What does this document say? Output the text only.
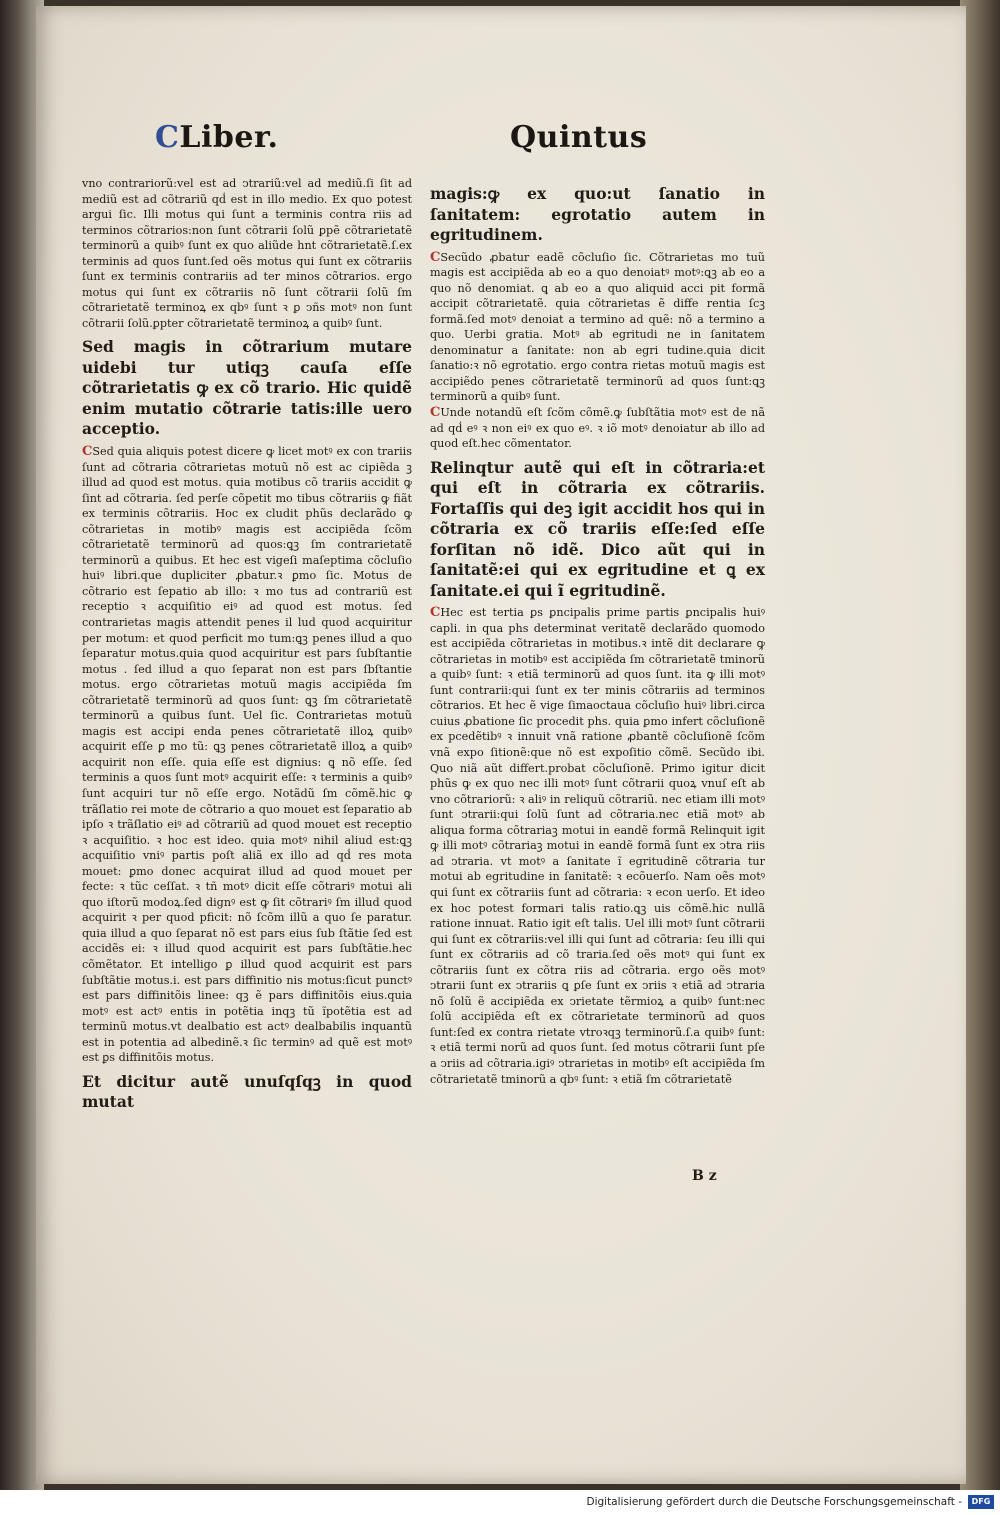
CLiber.	Quintus

vno contrariorũ:vel est ad ↄtrariũ:vel ad mediũ.ſi ſit ad mediũ est ad cõtrariũ qḋ est in illo medio. Ex quo potest argui ſic. Illi motus qui ſunt a terminis contra riis ad terminos cõtrarios:non ſunt cõtrarii ſolũ ꝑpẽ cõtrarietatẽ terminorũ a quibꝰ ſunt ex quo aliũde hnt cõtrarietatẽ.ſ.ex terminis ad quos ſunt.ſed oẽs motus qui ſunt ex cõtrariis ſunt ex terminis contrariis ad ter minos cõtrarios. ergo motus qui ſunt ex cõtrariis nõ ſunt cõtrarii ſolũ ſm cõtrarietatẽ terminoꝝ ex qbꝰ ſunt ꝛ ꝑ ↄñs motꝰ non ſunt cõtrarii ſolũ.ꝑpter cõtrarietatẽ terminoꝝ a quibꝰ ſunt.

Sed magis in cõtrarium mutare uidebi tur utiqꝫ cauſa eſſe cõtrarietatis ꝙ ex cõ trario. Hic quidẽ enim mutatio cõtrarie tatis:ille uero acceptio.

CSed quia aliquis potest dicere ꝙ licet motꝰ ex con trariis ſunt ad cõtraria cõtrarietas motuũ nõ est ac cipiẽda ꝫ illud ad quod est motus. quia motibus cõ trariis accidit ꝙ ſint ad cõtraria. ſed perſe cõpetit mo tibus cõtrariis ꝙ fiãt ex terminis cõtrariis. Hoc ex cludit phũs declarãdo ꝙ cõtrarietas in motibꝰ magis est accipiẽda ſcõm cõtrarietatẽ terminorũ ad quos:ꝗꝫ ſm contrarietatẽ terminorũ a quibus. Et hec est vigeſi maſeptima cõcluſio huiꝰ libri.que dupliciter ꝓbatur.ꝛ ꝑmo ſic. Motus de cõtrario est ſepatio ab illo: ꝛ mo tus ad contrariũ est receptio ꝛ acquiſitio eiꝰ ad quod est motus. ſed contrarietas magis attendit penes il lud quod acquiritur per motum: et quod perficit mo tum:ꝗꝫ penes illud a quo ſeparatur motus.quia quod acquiritur est pars ſubſtantie motus . ſed illud a quo ſeparat non est pars ſbſtantie motus. ergo cõtrarietas motuũ magis accipiẽda ſm cõtrarietatẽ terminorũ ad quos ſunt: ꝗꝫ ſm cõtrarietatẽ terminorũ a quibus ſunt. Uel ſic. Contrarietas motuũ magis est accipi enda penes cõtrarietatẽ illoꝝ quibꝰ acquirit eſſe ꝑ mo tũ: ꝗꝫ penes cõtrarietatẽ illoꝝ a quibꝰ acquirit non eſſe. quia eſſe est dignius: ꝗ nõ eſſe. ſed terminis a quos ſunt motꝰ acquirit eſſe: ꝛ terminis a quibꝰ ſunt acquiri tur nõ eſſe ergo. Notãdũ ſm cõmẽ.hic ꝙ trãſlatio rei mote de cõtrario a quo mouet est ſeparatio ab ipſo ꝛ trãſlatio eiꝰ ad cõtrariũ ad quod mouet est receptio ꝛ acquiſitio. ꝛ hoc est ideo. quia motꝰ nihil aliud est:ꝗꝫ acquiſitio vniꝰ partis poſt aliã ex illo ad qḋ res mota mouet: ꝑmo donec acquirat illud ad quod mouet per fecte: ꝛ tũc ceſſat. ꝛ tñ motꝰ dicit eſſe cõtrariꝰ motui ali quo iſtorũ modoꝝ.ſed dignꝰ est ꝙ ſit cõtrariꝰ ſm illud quod acquirit ꝛ per quod pficit: nõ ſcõm illũ a quo ſe paratur. quia illud a quo ſeparat nõ est pars eius ſub ſtãtie ſed est accidẽs ei: ꝛ illud quod acquirit est pars ſubſtãtie.hec cõmẽtator. Et intelligo ꝑ illud quod acquirit est pars ſubſtãtie motus.i. est pars diffinitio nis motus:ſicut punctꝰ est pars diffinitõis linee: qꝫ ẽ pars diffinitõis eius.quia motꝰ est actꝰ entis in potẽtia inqꝫ tũ ĩpotẽtia est ad terminũ motus.vt dealbatio est actꝰ dealbabilis inquantũ est in potentia ad albedinẽ.ꝛ ſic terminꝰ ad quẽ est motꝰ est ꝑs diffinitõis motus.

Et dicitur autẽ unuſqſqꝫ in quod mutat

magis:ꝙ ex quo:ut ſanatio in ſanitatem: egrotatio autem in egritudinem.

CSecũdo ꝓbatur eadẽ cõcluſio ſic. Cõtrarietas mo tuũ magis est accipiẽda ab eo a quo denoiatꝰ motꝰ:ꝗꝫ ab eo a quo nõ denomiat. ꝗ ab eo a quo aliquid acci pit formã accipit cõtrarietatẽ. quia cõtrarietas ẽ diffe rentia ſcꝫ formã.ſed motꝰ denoiat a termino ad quẽ: nõ a termino a quo. Uerbi gratia. Motꝰ ab egritudi ne in ſanitatem denominatur a ſanitate: non ab egri tudine.quia dicit ſanatio:ꝛ nõ egrotatio. ergo contra rietas motuũ magis est accipiẽdo penes cõtrarietatẽ terminorũ ad quos ſunt:ꝗꝫ terminorũ a quibꝰ ſunt.

CUnde notandũ eſt ſcõm cõmẽ.ꝙ ſubſtãtia motꝰ est de nã ad qḋ eꝰ ꝛ non eiꝰ ex quo eꝰ. ꝛ iõ motꝰ denoiatur ab illo ad quod eſt.hec cõmentator.

Relinqtur autẽ qui eſt in cõtraria:et qui eſt in cõtraria ex cõtrariis. Fortaſſis qui deꝫ igit accidit hos qui in cõtraria ex cõ trariis eſſe:ſed eſſe forſitan nõ idẽ. Dico aũt qui in ſanitatẽ:ei qui ex egritudine et ꝗ ex ſanitate.ei qui ĩ egritudinẽ.

CHec est tertia ꝑs ꝑncipalis prime partis ꝑncipalis huiꝰ capli. in qua phs determinat veritatẽ declarãdo quomodo est accipiẽda cõtrarietas in motibus.ꝛ intẽ dit declarare ꝙ cõtrarietas in motibꝰ est accipiẽda ſm cõtrarietatẽ tminorũ a quibꝰ ſunt: ꝛ etiã terminorũ ad quos ſunt. ita ꝙ illi motꝰ ſunt contrarii:qui ſunt ex ter minis cõtrariis ad terminos cõtrarios. Et hec ẽ vige ſimaoctaua cõcluſio huiꝰ libri.circa cuius ꝓbatione ſic procedit phs. quia ꝑmo infert cõcluſionẽ ex pcedẽtibꝰ ꝛ innuit vnã ratione ꝓbantẽ cõcluſionẽ ſcõm vnã expo ſitionẽ:que nõ est expoſitio cõmẽ. Secũdo ibi. Quo niã aũt differt.probat cõcluſionẽ. Primo igitur dicit phũs ꝙ ex quo nec illi motꝰ ſunt cõtrarii quoꝝ vnuſ eſt ab vno cõtrariorũ: ꝛ aliꝰ in reliquũ cõtrariũ. nec etiam illi motꝰ ſunt ↄtrarii:qui ſolũ ſunt ad cõtraria.nec etiã motꝰ ab aliqua forma cõtrariaꝫ motui in eandẽ formã Relinquit igit ꝙ illi motꝰ cõtrariaꝫ motui in eandẽ formã ſunt ex ↄtra riis ad ↄtraria. vt motꝰ a ſanitate ĩ egritudinẽ cõtraria tur motui ab egritudine in ſanitatẽ: ꝛ ecõuerſo. Nam oẽs motꝰ qui ſunt ex cõtrariis ſunt ad cõtraria: ꝛ econ uerſo. Et ideo ex hoc potest formari talis ratio.ꝗꝫ uis cõmẽ.hic nullã ratione innuat. Ratio igit eſt talis. Uel illi motꝰ ſunt cõtrarii qui ſunt ex cõtrariis:vel illi qui ſunt ad cõtraria: ſeu illi qui ſunt ex cõtrariis ad cõ traria.ſed oẽs motꝰ qui ſunt ex cõtrariis ſunt ex cõtra riis ad cõtraria. ergo oẽs motꝰ ↄtrarii ſunt ex ↄtrariis ꝗ ꝑſe ſunt ex ↄriis ꝛ etiã ad ↄtraria nõ ſolũ ẽ accipiẽda ex ↄrietate tẽrmioꝝ a quibꝰ ſunt:nec ſolũ accipiẽda eſt ex cõtrarietate terminorũ ad quos ſunt:ſed ex contra rietate vtroꝛqꝫ terminorũ.ſ.a quibꝰ ſunt: ꝛ etiã termi norũ ad quos ſunt. ſed motus cõtrarii ſunt pſe a ↄriis ad cõtraria.igiꝰ ↄtrarietas in motibꝰ eſt accipiẽda ſm cõtrarietatẽ tminorũ a qbꝰ ſunt: ꝛ etiã ſm cõtrarietatẽ

B z
Digitalisierung gefördert durch die Deutsche Forschungsgemeinschaft -	DFG
